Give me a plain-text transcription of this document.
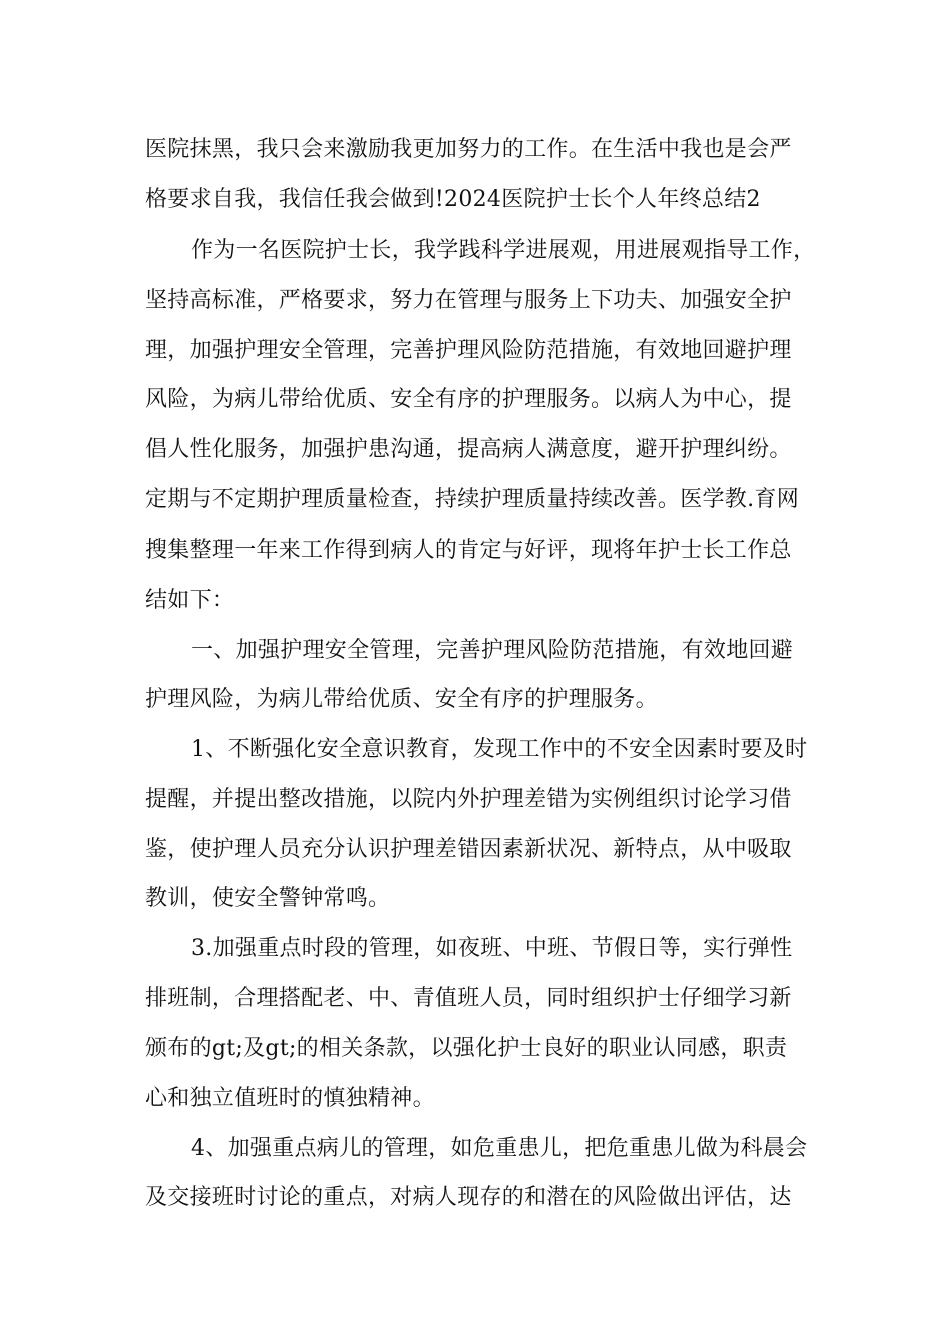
医院抹黑，我只会来激励我更加努力的工作。在生活中我也是会严
格要求自我，我信任我会做到!2024医院护士长个人年终总结2
作为一名医院护士长，我学践科学进展观，用进展观指导工作，
坚持高标准，严格要求，努力在管理与服务上下功夫、加强安全护
理，加强护理安全管理，完善护理风险防范措施，有效地回避护理
风险，为病儿带给优质、安全有序的护理服务。以病人为中心，提
倡人性化服务，加强护患沟通，提高病人满意度，避开护理纠纷。
定期与不定期护理质量检查，持续护理质量持续改善。医学教.育网
搜集整理一年来工作得到病人的肯定与好评，现将年护士长工作总
结如下：
一、加强护理安全管理，完善护理风险防范措施，有效地回避
护理风险，为病儿带给优质、安全有序的护理服务。
1、不断强化安全意识教育，发现工作中的不安全因素时要及时
提醒，并提出整改措施，以院内外护理差错为实例组织讨论学习借
鉴，使护理人员充分认识护理差错因素新状况、新特点，从中吸取
教训，使安全警钟常鸣。
3.加强重点时段的管理，如夜班、中班、节假日等，实行弹性
排班制，合理搭配老、中、青值班人员，同时组织护士仔细学习新
颁布的gt;及gt;的相关条款，以强化护士良好的职业认同感，职责
心和独立值班时的慎独精神。
4、加强重点病儿的管理，如危重患儿，把危重患儿做为科晨会
及交接班时讨论的重点，对病人现存的和潜在的风险做出评估，达
